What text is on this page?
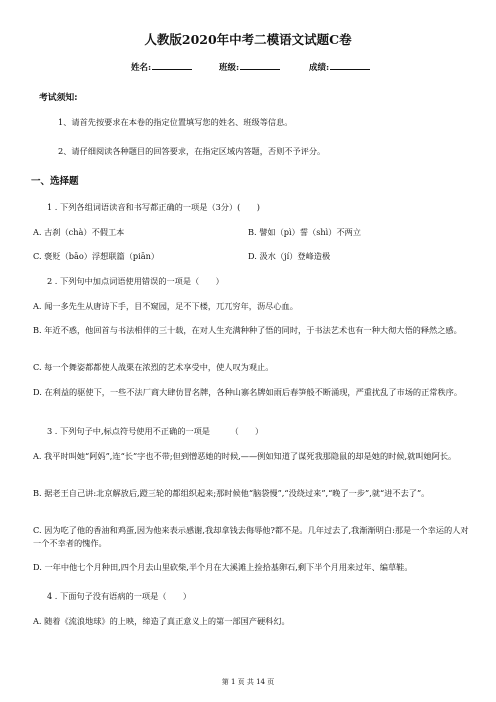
人教版2020年中考二模语文试题C卷
姓名:	班级:	成绩:
考试须知:
1、请首先按要求在本卷的指定位置填写您的姓名、班级等信息。
2、请仔细阅读各种题目的回答要求，在指定区域内答题，否则不予评分。
一、选择题
1 . 下列各组词语读音和书写都正确的一项是（3分）(　　)
A. 古刹（chà）不假工本	B. 譬如（pì）誓（shì）不两立
C. 褒贬（bāo）浮想联篇（piān）	D. 汲水（jí）登峰造极
2 . 下列句中加点词语使用错误的一项是（　　）
A. 闻一多先生从唐诗下手，目不窥园，足不下楼，兀兀穷年，沥尽心血。
B. 年近不惑，他回首与书法相伴的三十载，在对人生充满种种了悟的同时，于书法艺术也有一种大彻大悟的释然之感。
C. 每一个舞姿都都使人战栗在浓烈的艺术享受中，使人叹为观止。
D. 在利益的驱使下，一些不法厂商大肆仿冒名牌，各种山寨名牌如雨后春笋般不断涌现，严重扰乱了市场的正常秩序。
3 . 下列句子中,标点符号使用不正确的一项是　　　（　　）
A. 我平时叫她“阿妈”,连“长”字也不带;但到憎恶她的时候,——例如知道了谋死我那隐鼠的却是她的时候,就叫她阿长。
B. 据老王自己讲:北京解放后,蹬三轮的都组织起来;那时候他“脑袋慢”,“没绕过来”,“晚了一步”,就“进不去了”。
C. 因为吃了他的香油和鸡蛋,因为他来表示感谢,我却拿钱去侮辱他?都不是。几年过去了,我渐渐明白:那是一个幸运的人对一个不幸者的愧作。
D. 一年中他七个月种田,四个月去山里砍柴,半个月在大溪滩上捡拾基卵石,剩下半个月用来过年、编草鞋。
4 . 下面句子没有语病的一项是（　　）
A. 随着《流浪地球》的上映，缔造了真正意义上的第一部国产硬科幻。
第 1 页 共 14 页
